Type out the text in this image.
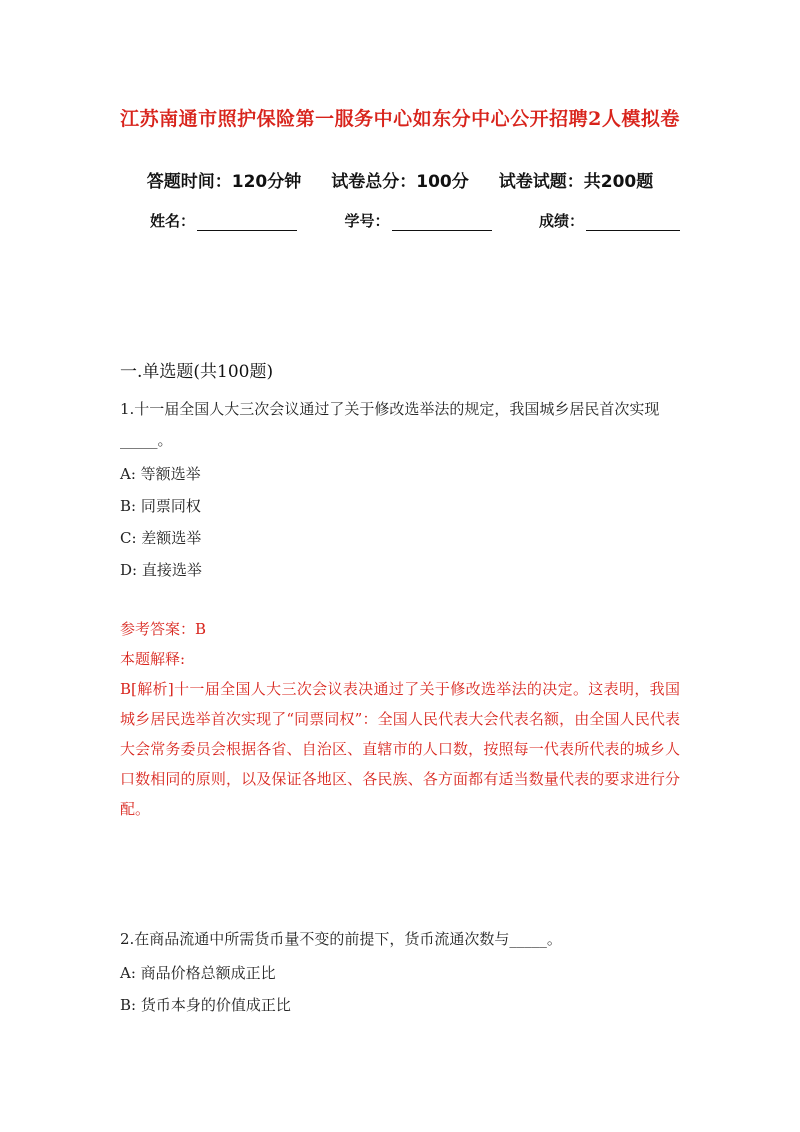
江苏南通市照护保险第一服务中心如东分中心公开招聘2人模拟卷
答题时间：120分钟 试卷总分：100分 试卷试题：共200题
姓名：	学号：	成绩：
一.单选题(共100题)
1.十一届全国人大三次会议通过了关于修改选举法的规定，我国城乡居民首次实现_____。
A: 等额选举
B: 同票同权
C: 差额选举
D: 直接选举
参考答案：B
本题解释:
B[解析]十一届全国人大三次会议表决通过了关于修改选举法的决定。这表明，我国城乡居民选举首次实现了“同票同权”：全国人民代表大会代表名额，由全国人民代表大会常务委员会根据各省、自治区、直辖市的人口数，按照每一代表所代表的城乡人口数相同的原则，以及保证各地区、各民族、各方面都有适当数量代表的要求进行分配。
2.在商品流通中所需货币量不变的前提下，货币流通次数与_____。
A: 商品价格总额成正比
B: 货币本身的价值成正比
